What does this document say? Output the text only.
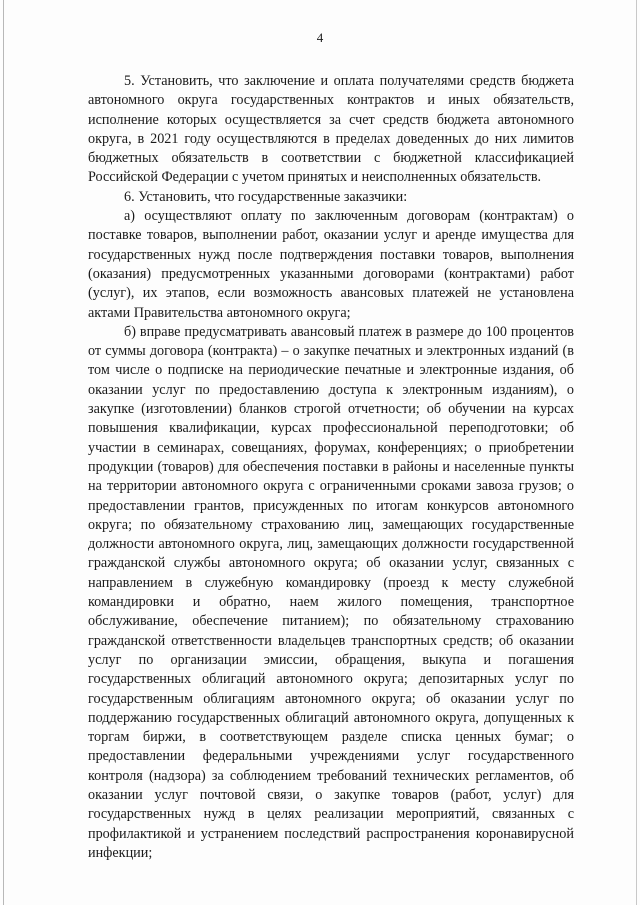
4

5. Установить, что заключение и оплата получателями средств бюджета автономного округа государственных контрактов и иных обязательств, исполнение которых осуществляется за счет средств бюджета автономного округа, в 2021 году осуществляются в пределах доведенных до них лимитов бюджетных обязательств в соответствии с бюджетной классификацией Российской Федерации с учетом принятых и неисполненных обязательств.

6. Установить, что государственные заказчики:

а) осуществляют оплату по заключенным договорам (контрактам) о поставке товаров, выполнении работ, оказании услуг и аренде имущества для государственных нужд после подтверждения поставки товаров, выполнения (оказания) предусмотренных указанными договорами (контрактами) работ (услуг), их этапов, если возможность авансовых платежей не установлена актами Правительства автономного округа;

б) вправе предусматривать авансовый платеж в размере до 100 процентов от суммы договора (контракта) – о закупке печатных и электронных изданий (в том числе о подписке на периодические печатные и электронные издания, об оказании услуг по предоставлению доступа к электронным изданиям), о закупке (изготовлении) бланков строгой отчетности; об обучении на курсах повышения квалификации, курсах профессиональной переподготовки; об участии в семинарах, совещаниях, форумах, конференциях; о приобретении продукции (товаров) для обеспечения поставки в районы и населенные пункты на территории автономного округа с ограниченными сроками завоза грузов; о предоставлении грантов, присужденных по итогам конкурсов автономного округа; по обязательному страхованию лиц, замещающих государственные должности автономного округа, лиц, замещающих должности государственной гражданской службы автономного округа; об оказании услуг, связанных с направлением в служебную командировку (проезд к месту служебной командировки и обратно, наем жилого помещения, транспортное обслуживание, обеспечение питанием); по обязательному страхованию гражданской ответственности владельцев транспортных средств; об оказании услуг по организации эмиссии, обращения, выкупа и погашения государственных облигаций автономного округа; депозитарных услуг по государственным облигациям автономного округа; об оказании услуг по поддержанию государственных облигаций автономного округа, допущенных к торгам биржи, в соответствующем разделе списка ценных бумаг; о предоставлении федеральными учреждениями услуг государственного контроля (надзора) за соблюдением требований технических регламентов, об оказании услуг почтовой связи, о закупке товаров (работ, услуг) для государственных нужд в целях реализации мероприятий, связанных с профилактикой и устранением последствий распространения коронавирусной инфекции;
